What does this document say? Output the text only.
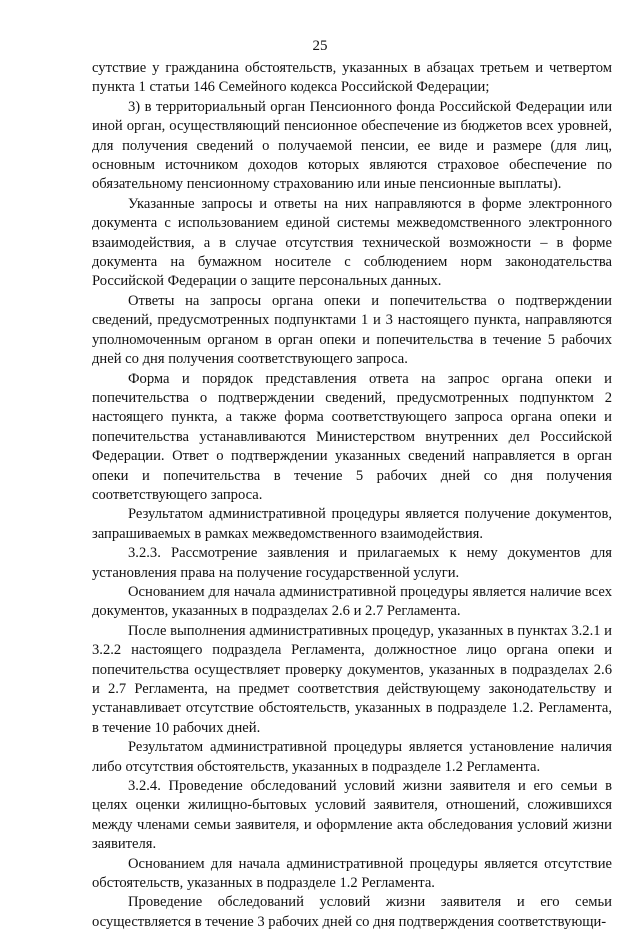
25

сутствие у гражданина обстоятельств, указанных в абзацах третьем и четвертом пункта 1 статьи 146 Семейного кодекса Российской Федерации;

3) в территориальный орган Пенсионного фонда Российской Федерации или иной орган, осуществляющий пенсионное обеспечение из бюджетов всех уровней, для получения сведений о получаемой пенсии, ее виде и размере (для лиц, основным источником доходов которых являются страховое обеспечение по обязательному пенсионному страхованию или иные пенсионные выплаты).

Указанные запросы и ответы на них направляются в форме электронного документа с использованием единой системы межведомственного электронного взаимодействия, а в случае отсутствия технической возможности – в форме документа на бумажном носителе с соблюдением норм законодательства Российской Федерации о защите персональных данных.

Ответы на запросы органа опеки и попечительства о подтверждении сведений, предусмотренных подпунктами 1 и 3 настоящего пункта, направляются уполномоченным органом в орган опеки и попечительства в течение 5 рабочих дней со дня получения соответствующего запроса.

Форма и порядок представления ответа на запрос органа опеки и попечительства о подтверждении сведений, предусмотренных подпунктом 2 настоящего пункта, а также форма соответствующего запроса органа опеки и попечительства устанавливаются Министерством внутренних дел Российской Федерации. Ответ о подтверждении указанных сведений направляется в орган опеки и попечительства в течение 5 рабочих дней со дня получения соответствующего запроса.

Результатом административной процедуры является получение документов, запрашиваемых в рамках межведомственного взаимодействия.

3.2.3. Рассмотрение заявления и прилагаемых к нему документов для установления права на получение государственной услуги.

Основанием для начала административной процедуры является наличие всех документов, указанных в подразделах 2.6 и 2.7 Регламента.

После выполнения административных процедур, указанных в пунктах 3.2.1 и 3.2.2 настоящего подраздела Регламента, должностное лицо органа опеки и попечительства осуществляет проверку документов, указанных в подразделах 2.6 и 2.7 Регламента, на предмет соответствия действующему законодательству и устанавливает отсутствие обстоятельств, указанных в подразделе 1.2. Регламента, в течение 10 рабочих дней.

Результатом административной процедуры является установление наличия либо отсутствия обстоятельств, указанных в подразделе 1.2 Регламента.

3.2.4. Проведение обследований условий жизни заявителя и его семьи в целях оценки жилищно-бытовых условий заявителя, отношений, сложившихся между членами семьи заявителя, и оформление акта обследования условий жизни заявителя.

Основанием для начала административной процедуры является отсутствие обстоятельств, указанных в подразделе 1.2 Регламента.

Проведение обследований условий жизни заявителя и его семьи осуществляется в течение 3 рабочих дней со дня подтверждения соответствующи-
